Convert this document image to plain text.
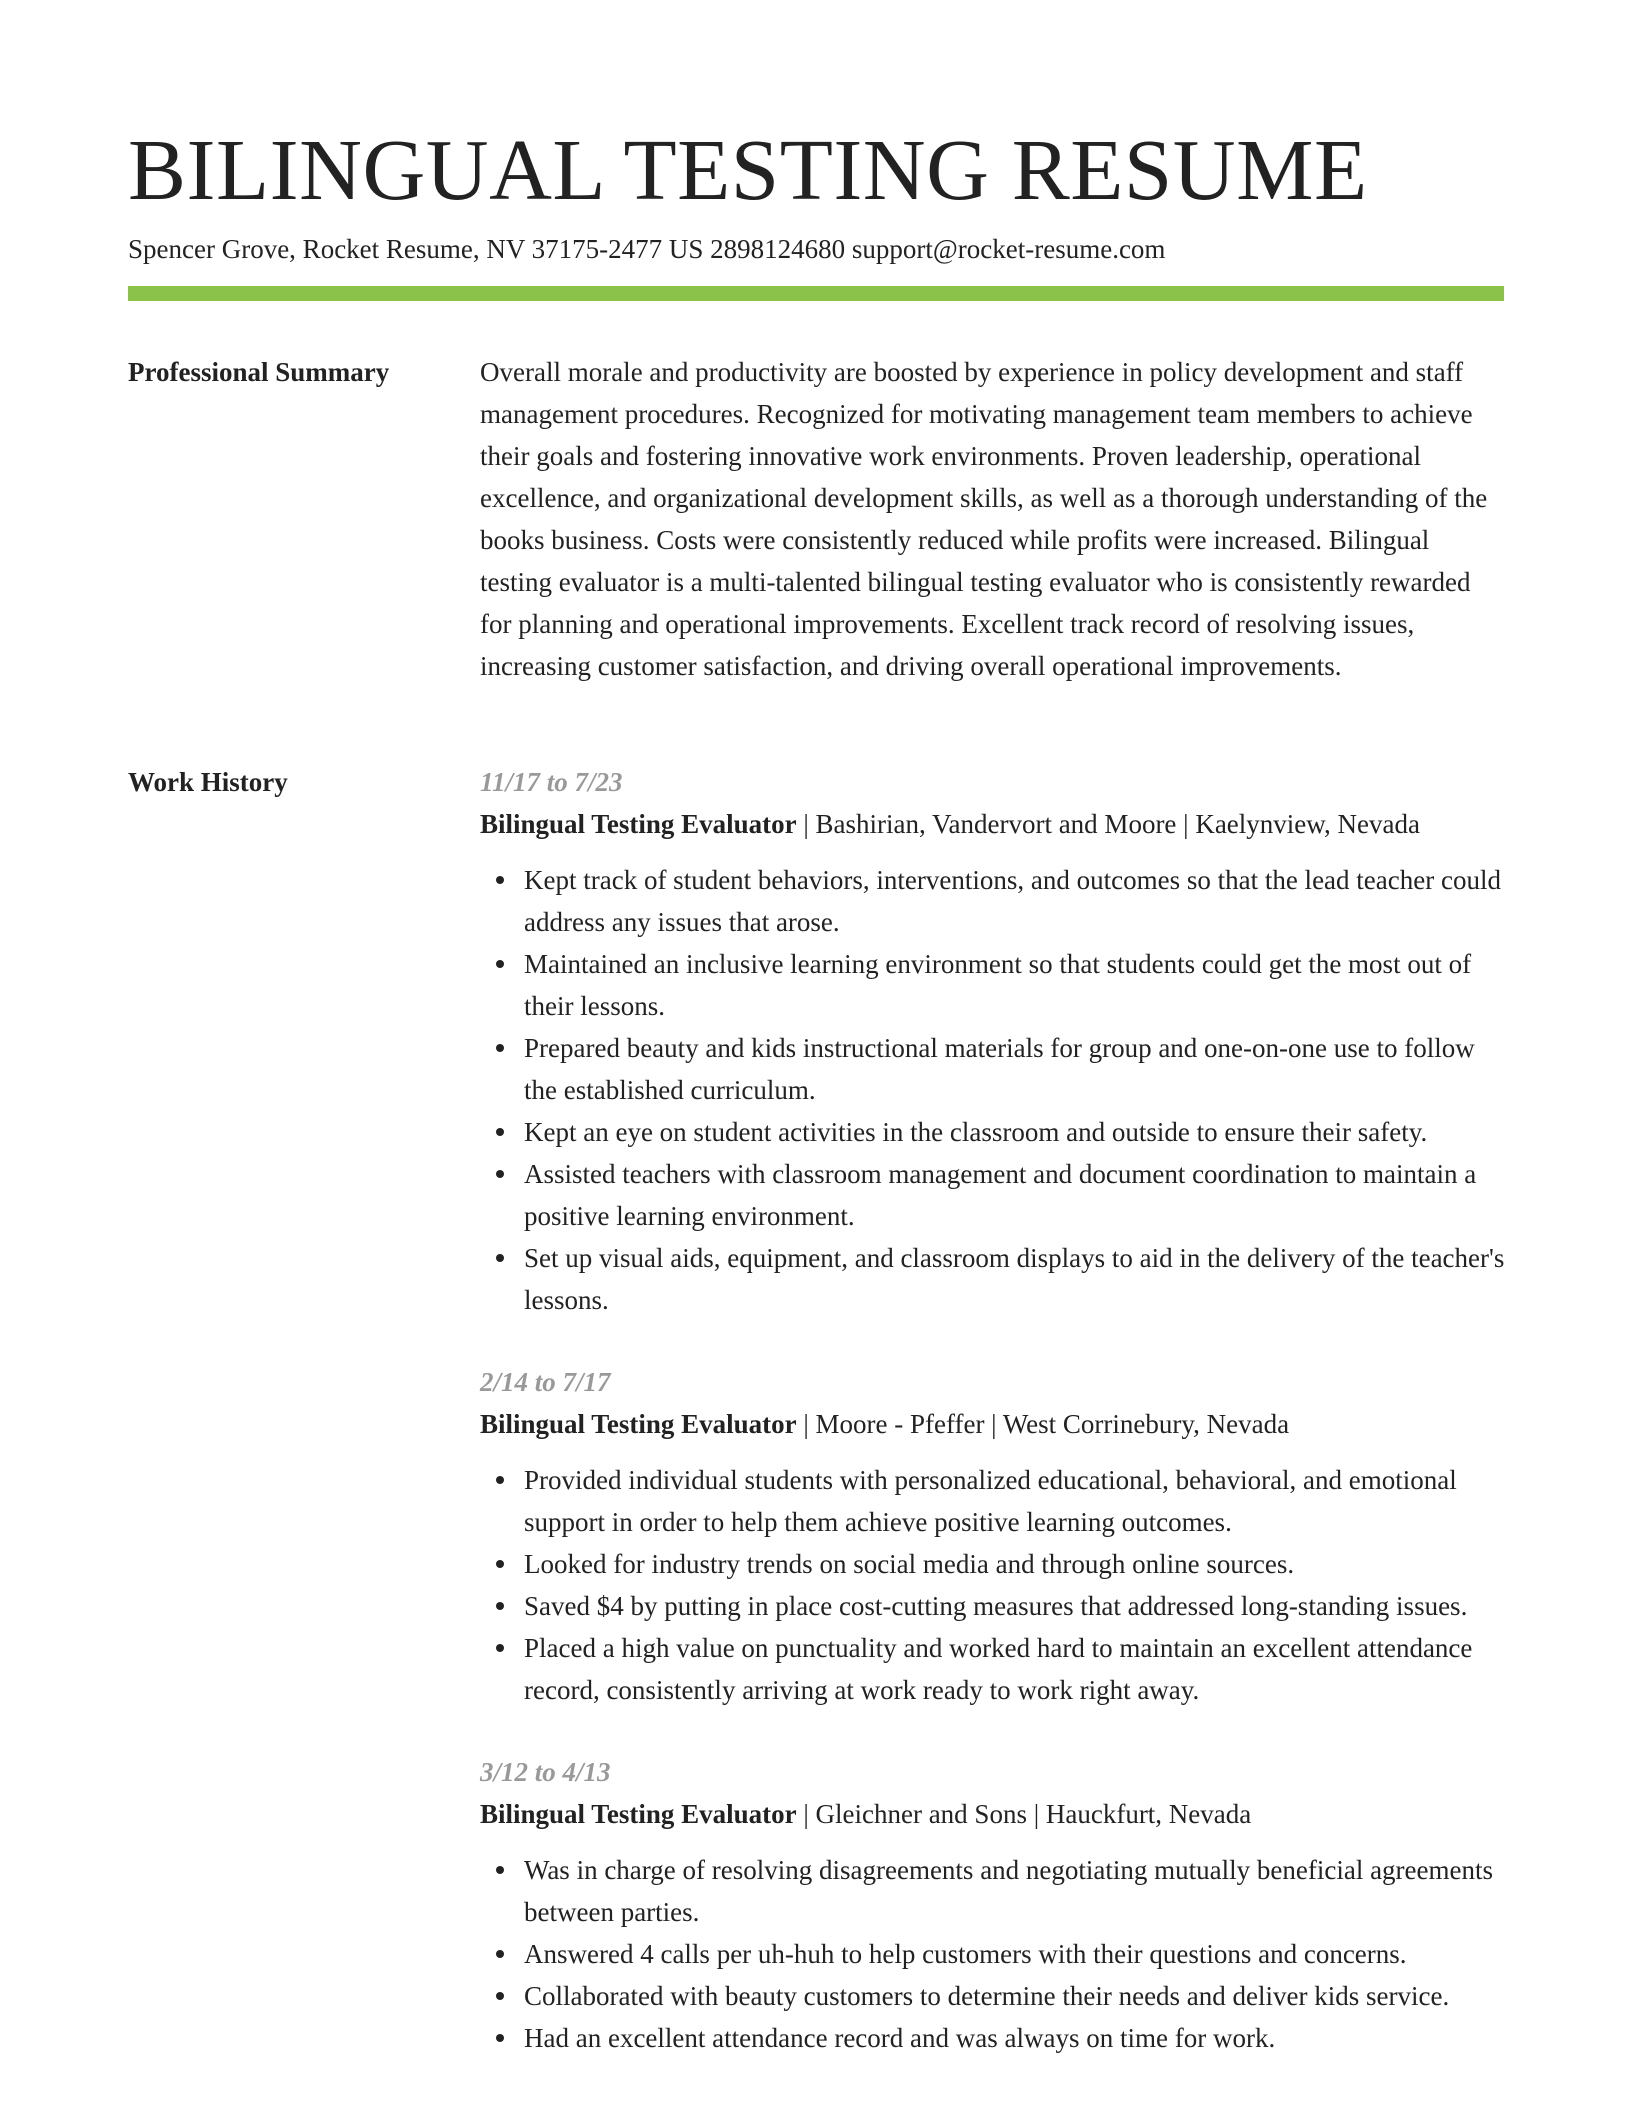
BILINGUAL TESTING RESUME
Spencer Grove, Rocket Resume, NV 37175-2477 US 2898124680 support@rocket-resume.com
Professional Summary	Overall morale and productivity are boosted by experience in policy development and staff management procedures. Recognized for motivating management team members to achieve their goals and fostering innovative work environments. Proven leadership, operational excellence, and organizational development skills, as well as a thorough understanding of the books business. Costs were consistently reduced while profits were increased. Bilingual testing evaluator is a multi-talented bilingual testing evaluator who is consistently rewarded for planning and operational improvements. Excellent track record of resolving issues, increasing customer satisfaction, and driving overall operational improvements.

Work History	11/17 to 7/23
Bilingual Testing Evaluator | Bashirian, Vandervort and Moore | Kaelynview, Nevada
Kept track of student behaviors, interventions, and outcomes so that the lead teacher could address any issues that arose.
Maintained an inclusive learning environment so that students could get the most out of their lessons.
Prepared beauty and kids instructional materials for group and one-on-one use to follow the established curriculum.
Kept an eye on student activities in the classroom and outside to ensure their safety.
Assisted teachers with classroom management and document coordination to maintain a positive learning environment.
Set up visual aids, equipment, and classroom displays to aid in the delivery of the teacher's lessons.
2/14 to 7/17
Bilingual Testing Evaluator | Moore - Pfeffer | West Corrinebury, Nevada
Provided individual students with personalized educational, behavioral, and emotional support in order to help them achieve positive learning outcomes.
Looked for industry trends on social media and through online sources.
Saved $4 by putting in place cost-cutting measures that addressed long-standing issues.
Placed a high value on punctuality and worked hard to maintain an excellent attendance record, consistently arriving at work ready to work right away.
3/12 to 4/13
Bilingual Testing Evaluator | Gleichner and Sons | Hauckfurt, Nevada
Was in charge of resolving disagreements and negotiating mutually beneficial agreements between parties.
Answered 4 calls per uh-huh to help customers with their questions and concerns.
Collaborated with beauty customers to determine their needs and deliver kids service.
Had an excellent attendance record and was always on time for work.
